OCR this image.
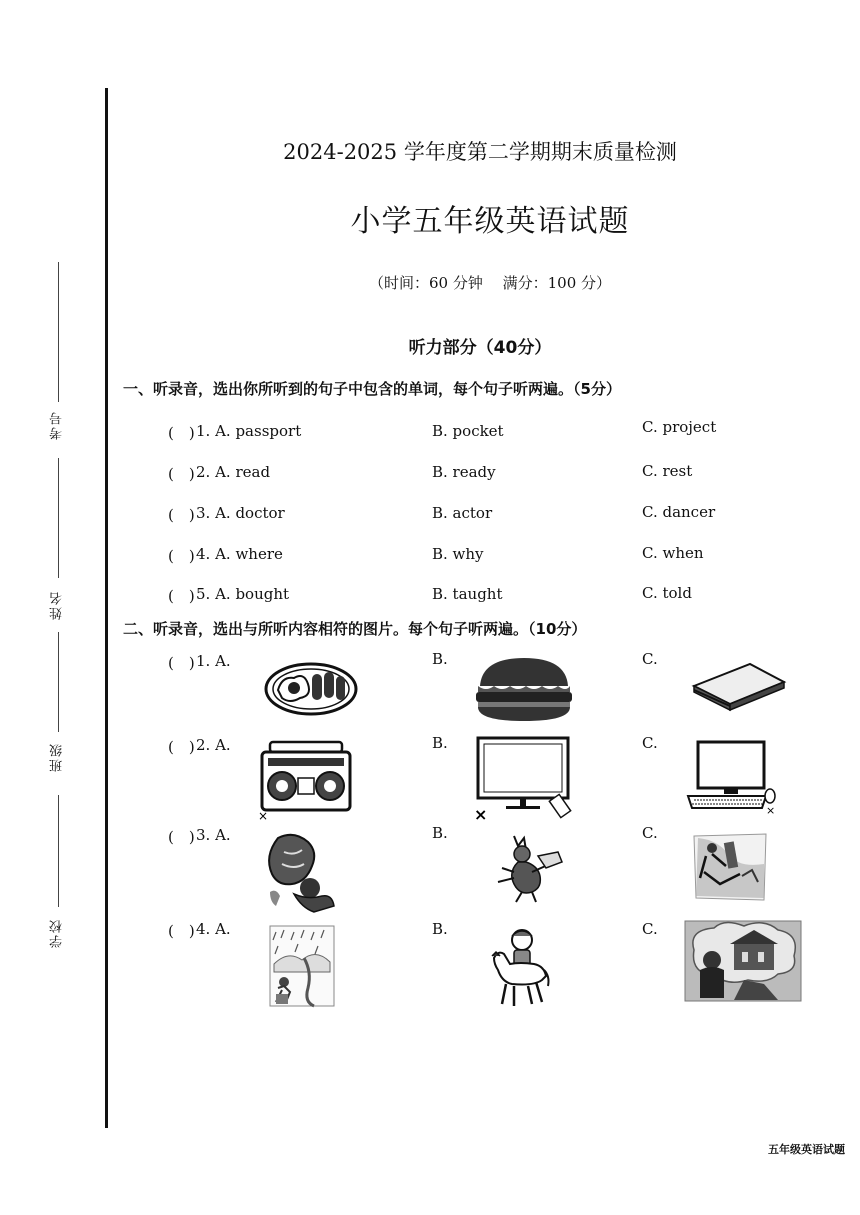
考号
姓名
班级
学校
2024-2025 学年度第二学期期末质量检测
小学五年级英语试题
（时间：60 分钟　 满分：100 分）
听力部分（40分）
一、听录音，选出你所听到的句子中包含的单词，每个句子听两遍。（5分）
(　) 1. A. passport	B. pocket	C. project
(　) 2. A. read	B. ready	C. rest
(　) 3. A. doctor	B. actor	C. dancer
(　) 4. A. where	B. why	C. when
(　) 5. A. bought	B. taught	C. told
二、听录音，选出与所听内容相符的图片。每个句子听两遍。（10分）
(　) 1. A.	B.	C.
(　) 2. A.	B.	C.
×	×	×
(　) 3. A.	B.	C.
(　) 4. A.	B.	C.
五年级英语试题
